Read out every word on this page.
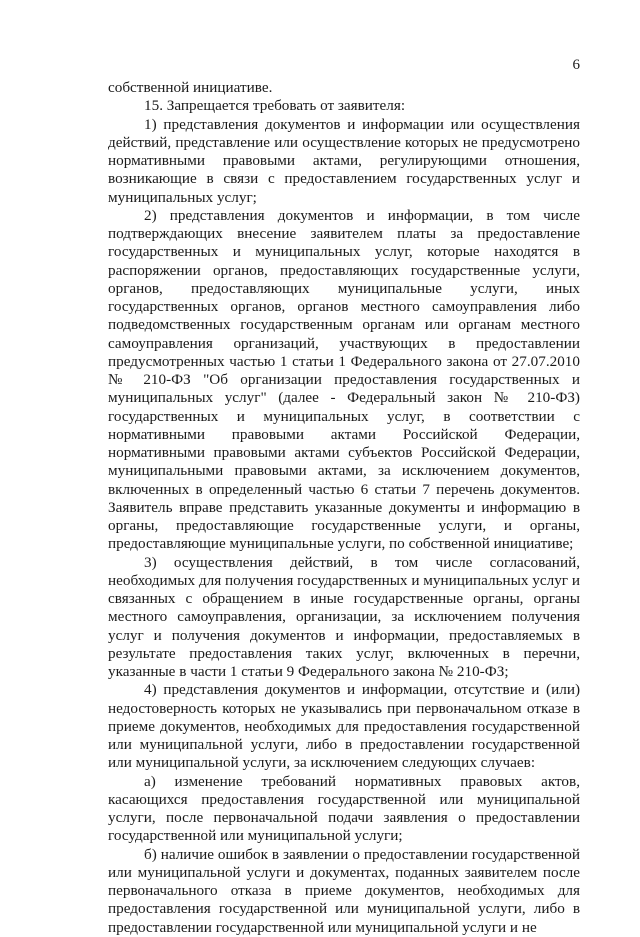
6

собственной инициативе.

15. Запрещается требовать от заявителя:

1) представления документов и информации или осуществления действий, представление или осуществление которых не предусмотрено нормативными правовыми актами, регулирующими отношения, возникающие в связи с предоставлением государственных услуг и муниципальных услуг;

2) представления документов и информации, в том числе подтверждающих внесение заявителем платы за предоставление государственных и муниципальных услуг, которые находятся в распоряжении органов, предоставляющих государственные услуги, органов, предоставляющих муниципальные услуги, иных государственных органов, органов местного самоуправления либо подведомственных государственным органам или органам местного самоуправления организаций, участвующих в предоставлении предусмотренных частью 1 статьи 1 Федерального закона от 27.07.2010 № 210-ФЗ "Об организации предоставления государственных и муниципальных услуг" (далее - Федеральный закон № 210-ФЗ) государственных и муниципальных услуг, в соответствии с нормативными правовыми актами Российской Федерации, нормативными правовыми актами субъектов Российской Федерации, муниципальными правовыми актами, за исключением документов, включенных в определенный частью 6 статьи 7 перечень документов. Заявитель вправе представить указанные документы и информацию в органы, предоставляющие государственные услуги, и органы, предоставляющие муниципальные услуги, по собственной инициативе;

3) осуществления действий, в том числе согласований, необходимых для получения государственных и муниципальных услуг и связанных с обращением в иные государственные органы, органы местного самоуправления, организации, за исключением получения услуг и получения документов и информации, предоставляемых в результате предоставления таких услуг, включенных в перечни, указанные в части 1 статьи 9 Федерального закона № 210-ФЗ;

4) представления документов и информации, отсутствие и (или) недостоверность которых не указывались при первоначальном отказе в приеме документов, необходимых для предоставления государственной или муниципальной услуги, либо в предоставлении государственной или муниципальной услуги, за исключением следующих случаев:

а) изменение требований нормативных правовых актов, касающихся предоставления государственной или муниципальной услуги, после первоначальной подачи заявления о предоставлении государственной или муниципальной услуги;

б) наличие ошибок в заявлении о предоставлении государственной или муниципальной услуги и документах, поданных заявителем после первоначального отказа в приеме документов, необходимых для предоставления государственной или муниципальной услуги, либо в предоставлении государственной или муниципальной услуги и не
